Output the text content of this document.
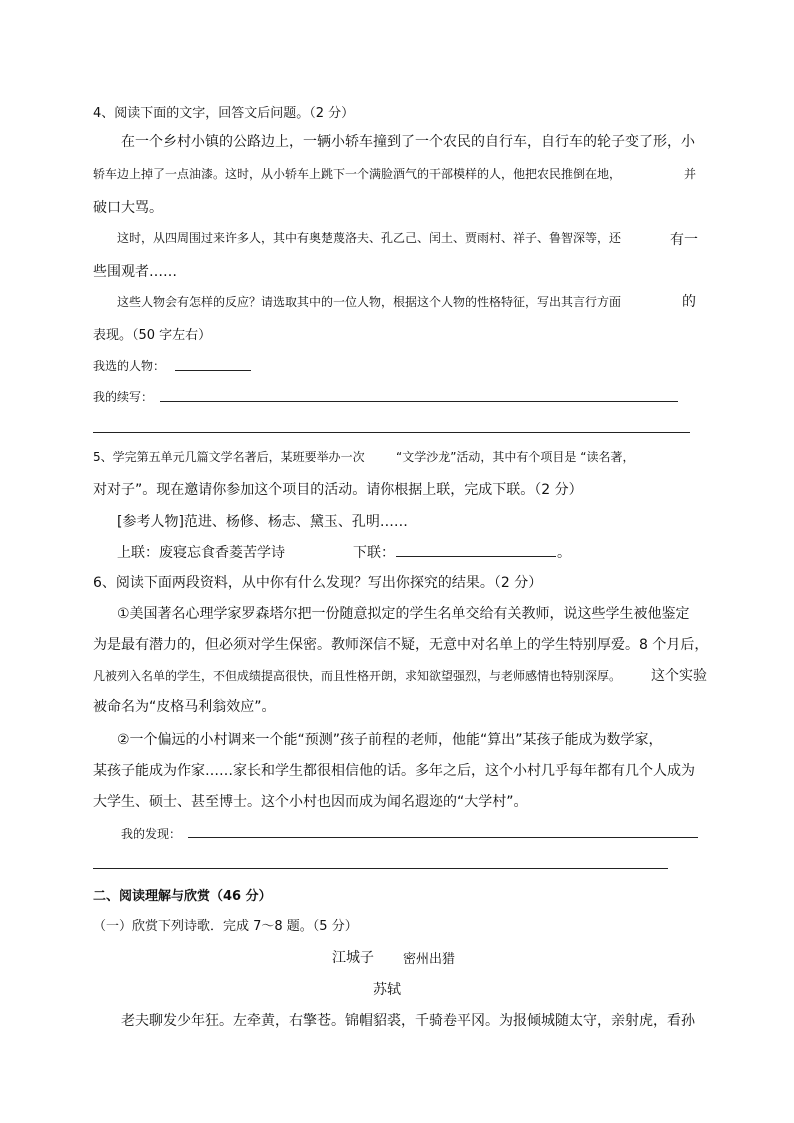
4、阅读下面的文字，回答文后问题。（2 分）
在一个乡村小镇的公路边上，一辆小轿车撞到了一个农民的自行车，自行车的轮子变了形，小
轿车边上掉了一点油漆。这时，从小轿车上跳下一个满脸酒气的干部模样的人，他把农民推倒在地，	并
破口大骂。
这时，从四周围过来许多人，其中有奥楚蔑洛夫、孔乙己、闰土、贾雨村、祥子、鲁智深等，还	有一
些围观者……
这些人物会有怎样的反应？请选取其中的一位人物，根据这个人物的性格特征，写出其言行方面	的
表现。（50 字左右）
我选的人物：
我的续写：
5、学完第五单元几篇文学名著后，某班要举办一次	“文学沙龙”活动，其中有个项目是 “读名著，
对对子”。现在邀请你参加这个项目的活动。请你根据上联，完成下联。（2 分）
[参考人物]范进、杨修、杨志、黛玉、孔明……
上联：废寝忘食香菱苦学诗	下联：	。
6、阅读下面两段资料，从中你有什么发现？写出你探究的结果。（2 分）
①美国著名心理学家罗森塔尔把一份随意拟定的学生名单交给有关教师，说这些学生被他鉴定
为是最有潜力的，但必须对学生保密。教师深信不疑，无意中对名单上的学生特别厚爱。8 个月后，
凡被列入名单的学生，不但成绩提高很快，而且性格开朗，求知欲望强烈，与老师感情也特别深厚。 这个实验
被命名为“皮格马利翁效应”。
②一个偏远的小村调来一个能“预测”孩子前程的老师，他能“算出”某孩子能成为数学家，
某孩子能成为作家……家长和学生都很相信他的话。多年之后，这个小村几乎每年都有几个人成为
大学生、硕士、甚至博士。这个小村也因而成为闻名遐迩的“大学村”。
我的发现：
二、阅读理解与欣赏（46 分）
（一）欣赏下列诗歌．完成 7～8 题。（5 分）
江城子 密州出猎
苏轼
老夫聊发少年狂。左牵黄，右擎苍。锦帽貂裘，千骑卷平冈。为报倾城随太守，亲射虎，看孙
